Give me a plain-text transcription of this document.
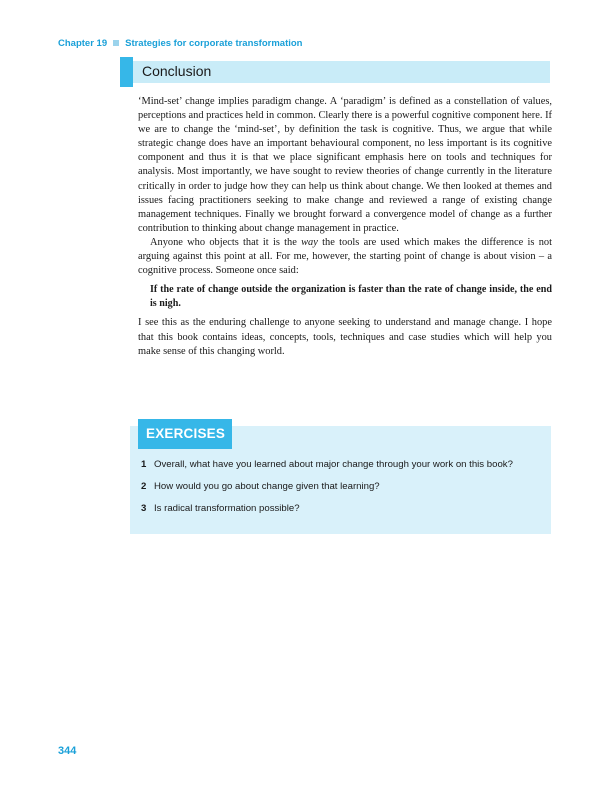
Chapter 19 Strategies for corporate transformation
Conclusion

‘Mind-set’ change implies paradigm change. A ‘paradigm’ is defined as a constellation of values, perceptions and practices held in common. Clearly there is a powerful cognitive component here. If we are to change the ‘mind-set’, by definition the task is cognitive. Thus, we argue that while strategic change does have an important behavioural component, no less important is its cognitive component and thus it is that we place significant emphasis here on tools and techniques for analysis. Most importantly, we have sought to review theories of change currently in the literature critically in order to judge how they can help us think about change. We then looked at themes and issues facing practitioners seeking to make change and reviewed a range of existing change management techniques. Finally we brought forward a convergence model of change as a further contribution to thinking about change management in practice.

Anyone who objects that it is the way the tools are used which makes the difference is not arguing against this point at all. For me, however, the starting point of change is about vision – a cognitive process. Someone once said:

If the rate of change outside the organization is faster than the rate of change inside, the end is nigh.

I see this as the enduring challenge to anyone seeking to understand and manage change. I hope that this book contains ideas, concepts, tools, techniques and case studies which will help you make sense of this changing world.

EXERCISES
1 Overall, what have you learned about major change through your work on this book?
2 How would you go about change given that learning?
3 Is radical transformation possible?
344
